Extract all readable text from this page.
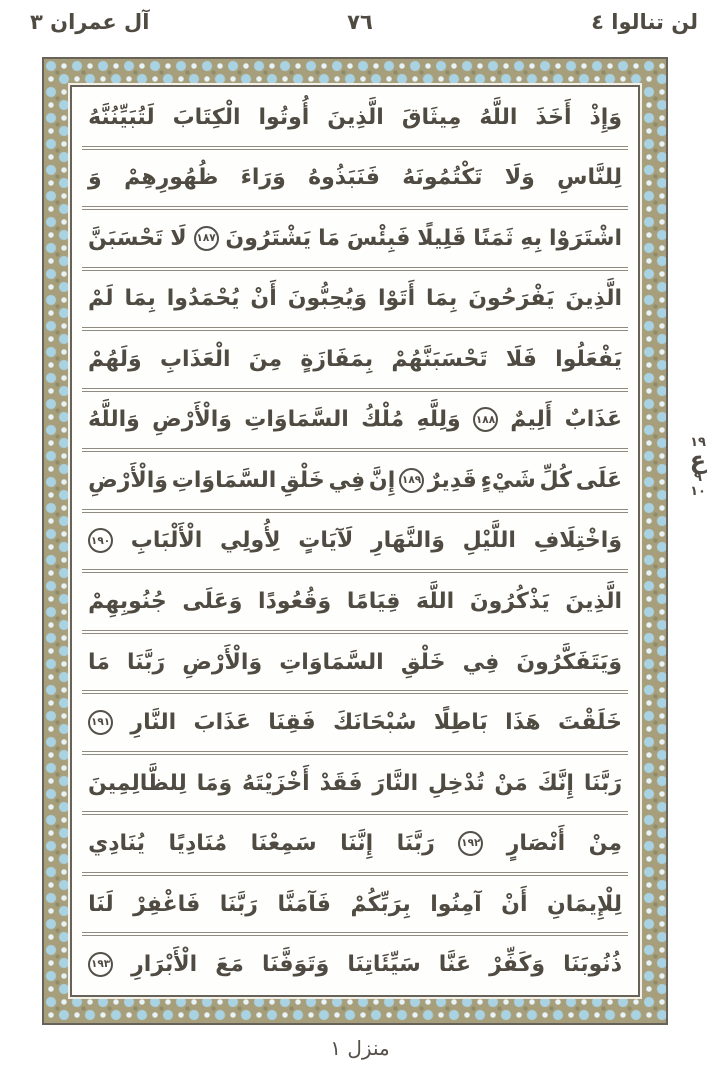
لن تنالوا ٤
٧٦
آل عمران ٣
وَإِذْ
أَخَذَ
اللَّهُ
مِيثَاقَ
الَّذِينَ
أُوتُوا
الْكِتَابَ
لَتُبَيِّنُنَّهُ
لِلنَّاسِ
وَلَا
تَكْتُمُونَهُ
فَنَبَذُوهُ
وَرَاءَ
ظُهُورِهِمْ
وَ
اشْتَرَوْا
بِهِ
ثَمَنًا
قَلِيلًا
فَبِئْسَ
مَا
يَشْتَرُونَ
١٨٧
لَا
تَحْسَبَنَّ
الَّذِينَ
يَفْرَحُونَ
بِمَا
أَتَوْا
وَيُحِبُّونَ
أَنْ
يُحْمَدُوا
بِمَا
لَمْ
يَفْعَلُوا
فَلَا
تَحْسَبَنَّهُمْ
بِمَفَازَةٍ
مِنَ
الْعَذَابِ
وَلَهُمْ
عَذَابٌ
أَلِيمٌ
١٨٨
وَلِلَّهِ
مُلْكُ
السَّمَاوَاتِ
وَالْأَرْضِ
وَاللَّهُ
عَلَى
كُلِّ
شَيْءٍ
قَدِيرٌ
١٨٩
إِنَّ
فِي
خَلْقِ
السَّمَاوَاتِ
وَالْأَرْضِ
وَاخْتِلَافِ
اللَّيْلِ
وَالنَّهَارِ
لَآيَاتٍ
لِأُولِي
الْأَلْبَابِ
١٩٠
الَّذِينَ
يَذْكُرُونَ
اللَّهَ
قِيَامًا
وَقُعُودًا
وَعَلَى
جُنُوبِهِمْ
وَيَتَفَكَّرُونَ
فِي
خَلْقِ
السَّمَاوَاتِ
وَالْأَرْضِ
رَبَّنَا
مَا
خَلَقْتَ
هَذَا
بَاطِلًا
سُبْحَانَكَ
فَقِنَا
عَذَابَ
النَّارِ
١٩١
رَبَّنَا
إِنَّكَ
مَنْ
تُدْخِلِ
النَّارَ
فَقَدْ
أَخْزَيْتَهُ
وَمَا
لِلظَّالِمِينَ
مِنْ
أَنْصَارٍ
١٩٢
رَبَّنَا
إِنَّنَا
سَمِعْنَا
مُنَادِيًا
يُنَادِي
لِلْإِيمَانِ
أَنْ
آمِنُوا
بِرَبِّكُمْ
فَآمَنَّا
رَبَّنَا
فَاغْفِرْ
لَنَا
ذُنُوبَنَا
وَكَفِّرْ
عَنَّا
سَيِّئَاتِنَا
وَتَوَفَّنَا
مَعَ
الْأَبْرَارِ
١٩٣
١٩
ع
٩
١٠
منزل ١
